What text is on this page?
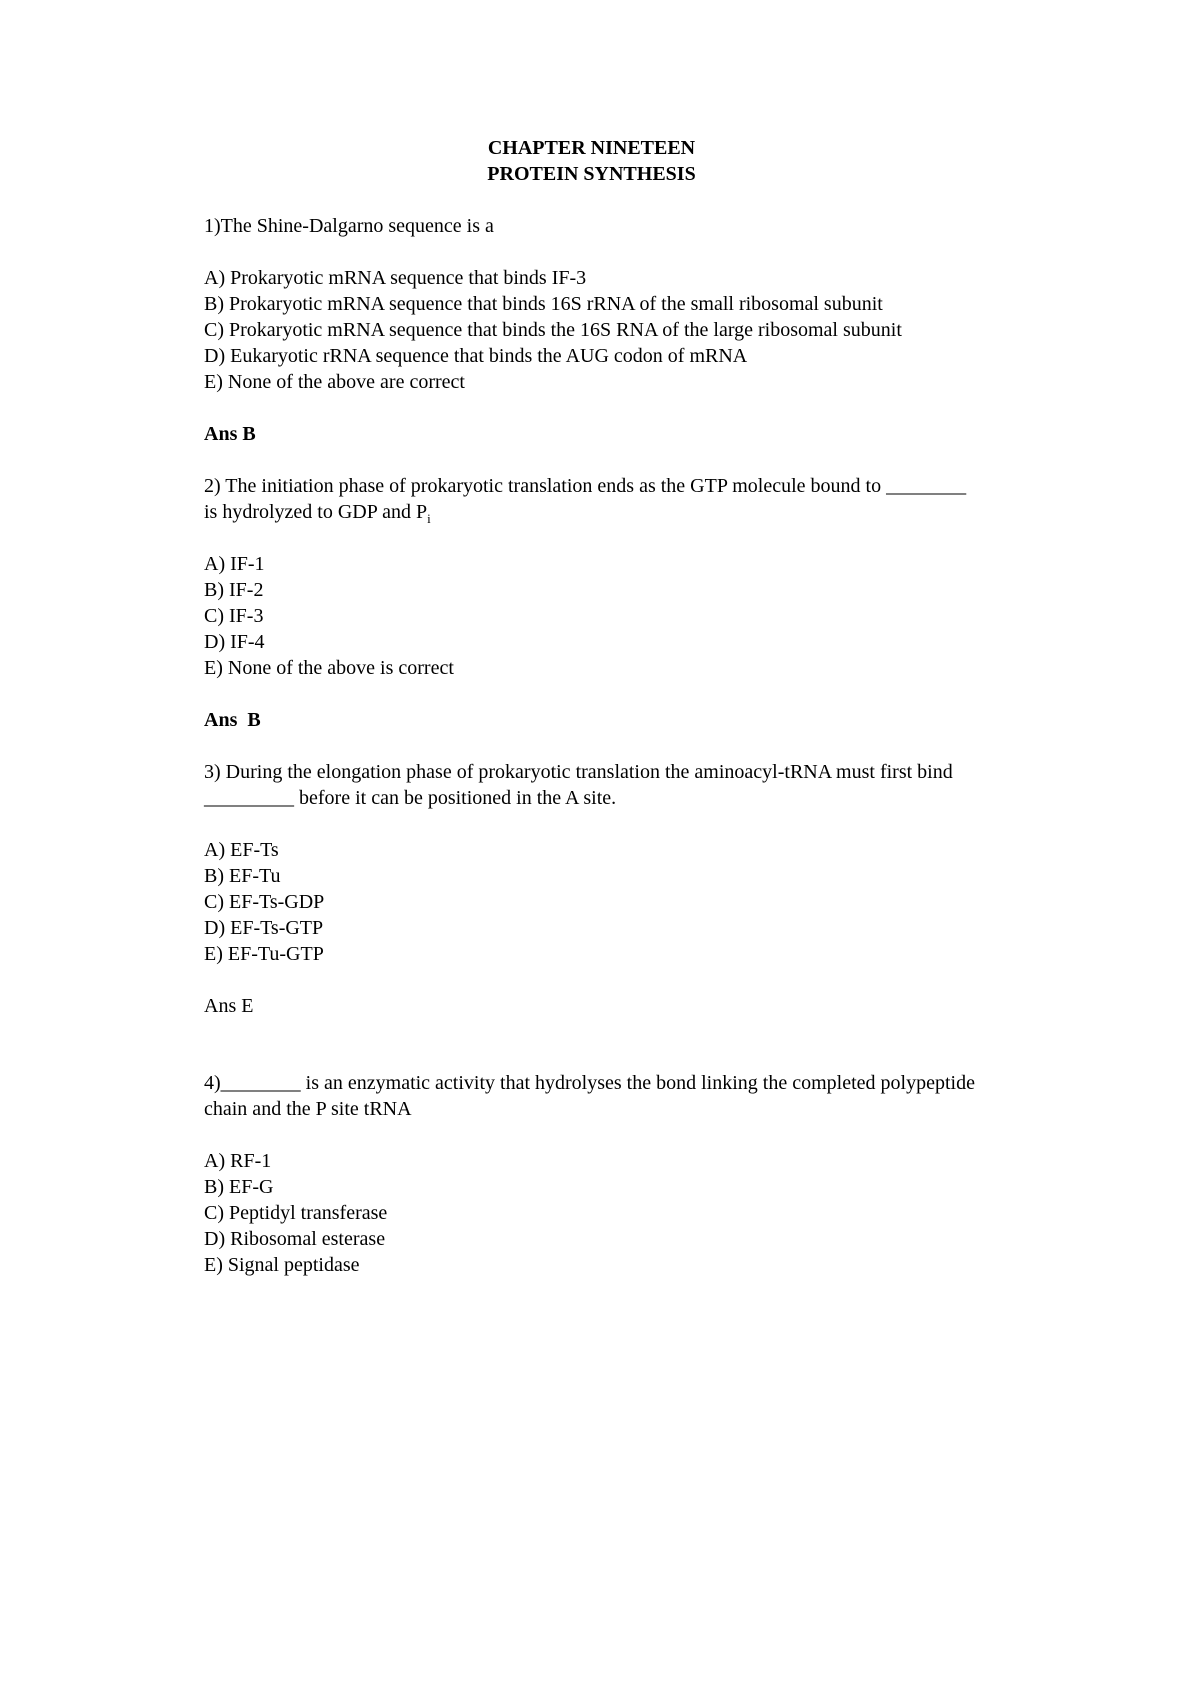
CHAPTER NINETEEN

PROTEIN SYNTHESIS

1)The Shine-Dalgarno sequence is a

A) Prokaryotic mRNA sequence that binds IF-3

B) Prokaryotic mRNA sequence that binds 16S rRNA of the small ribosomal subunit

C) Prokaryotic mRNA sequence that binds the 16S RNA of the large ribosomal subunit

D) Eukaryotic rRNA sequence that binds the AUG codon of mRNA

E) None of the above are correct

Ans B

2) The initiation phase of prokaryotic translation ends as the GTP molecule bound to ________ is hydrolyzed to GDP and $P_i$

A) IF-1

B) IF-2

C) IF-3

D) IF-4

E) None of the above is correct

Ans  B

3) During the elongation phase of prokaryotic translation the aminoacyl-tRNA must first bind _________ before it can be positioned in the A site.

A) EF-Ts

B) EF-Tu

C) EF-Ts-GDP

D) EF-Ts-GTP

E) EF-Tu-GTP

Ans E

4)________ is an enzymatic activity that hydrolyses the bond linking the completed polypeptide chain and the P site tRNA

A) RF-1

B) EF-G

C) Peptidyl transferase

D) Ribosomal esterase

E) Signal peptidase
